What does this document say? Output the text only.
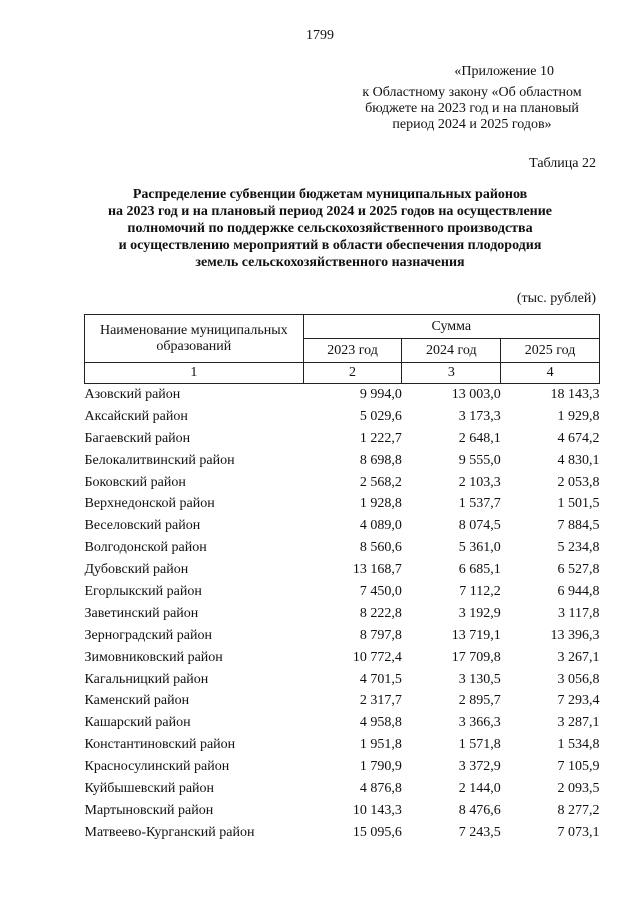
1799
«Приложение 10
к Областному закону «Об областном
бюджете на 2023 год и на плановый
период 2024 и 2025 годов»
Таблица 22
Распределение субвенции бюджетам муниципальных районов
на 2023 год и на плановый период 2024 и 2025 годов на осуществление
полномочий по поддержке сельскохозяйственного производства
и осуществлению мероприятий в области обеспечения плодородия
земель сельскохозяйственного назначения
(тыс. рублей)
Наименование муниципальных
образований	Сумма		
	2023 год	2024 год	2025 год
1	2	3	4
Азовский район	9 994,0	13 003,0	18 143,3
Аксайский район	5 029,6	3 173,3	1 929,8
Багаевский район	1 222,7	2 648,1	4 674,2
Белокалитвинский район	8 698,8	9 555,0	4 830,1
Боковский район	2 568,2	2 103,3	2 053,8
Верхнедонской район	1 928,8	1 537,7	1 501,5
Веселовский район	4 089,0	8 074,5	7 884,5
Волгодонской район	8 560,6	5 361,0	5 234,8
Дубовский район	13 168,7	6 685,1	6 527,8
Егорлыкский район	7 450,0	7 112,2	6 944,8
Заветинский район	8 222,8	3 192,9	3 117,8
Зерноградский район	8 797,8	13 719,1	13 396,3
Зимовниковский район	10 772,4	17 709,8	3 267,1
Кагальницкий район	4 701,5	3 130,5	3 056,8
Каменский район	2 317,7	2 895,7	7 293,4
Кашарский район	4 958,8	3 366,3	3 287,1
Константиновский район	1 951,8	1 571,8	1 534,8
Красносулинский район	1 790,9	3 372,9	7 105,9
Куйбышевский район	4 876,8	2 144,0	2 093,5
Мартыновский район	10 143,3	8 476,6	8 277,2
Матвеево-Курганский район	15 095,6	7 243,5	7 073,1
